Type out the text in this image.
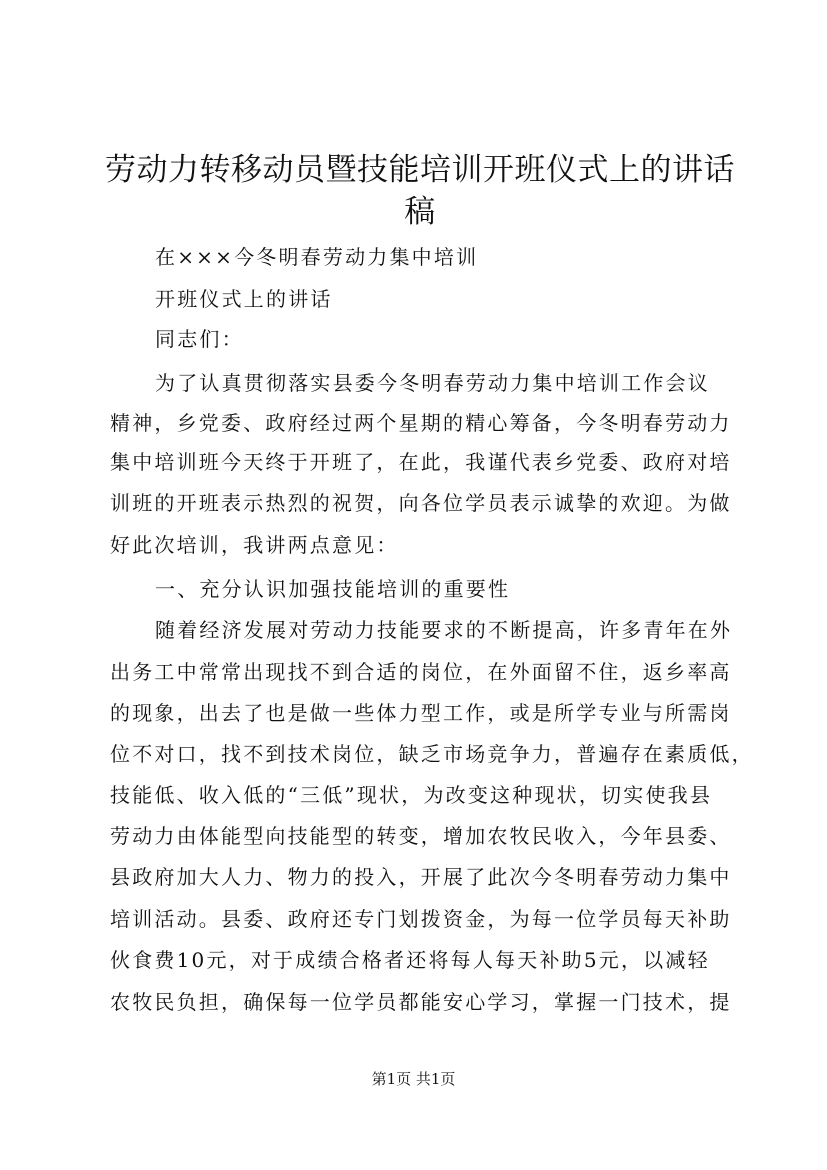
劳动力转移动员暨技能培训开班仪式上的讲话
稿
在×××今冬明春劳动力集中培训
开班仪式上的讲话
同志们：
为了认真贯彻落实县委今冬明春劳动力集中培训工作会议
精神，乡党委、政府经过两个星期的精心筹备，今冬明春劳动力
集中培训班今天终于开班了，在此，我谨代表乡党委、政府对培
训班的开班表示热烈的祝贺，向各位学员表示诚挚的欢迎。为做
好此次培训，我讲两点意见：
一、充分认识加强技能培训的重要性
随着经济发展对劳动力技能要求的不断提高，许多青年在外
出务工中常常出现找不到合适的岗位，在外面留不住，返乡率高
的现象，出去了也是做一些体力型工作，或是所学专业与所需岗
位不对口，找不到技术岗位，缺乏市场竞争力，普遍存在素质低，
技能低、收入低的“三低”现状，为改变这种现状，切实使我县
劳动力由体能型向技能型的转变，增加农牧民收入，今年县委、
县政府加大人力、物力的投入，开展了此次今冬明春劳动力集中
培训活动。县委、政府还专门划拨资金，为每一位学员每天补助
伙食费10元，对于成绩合格者还将每人每天补助5元，以减轻
农牧民负担，确保每一位学员都能安心学习，掌握一门技术，提
第1页 共1页
